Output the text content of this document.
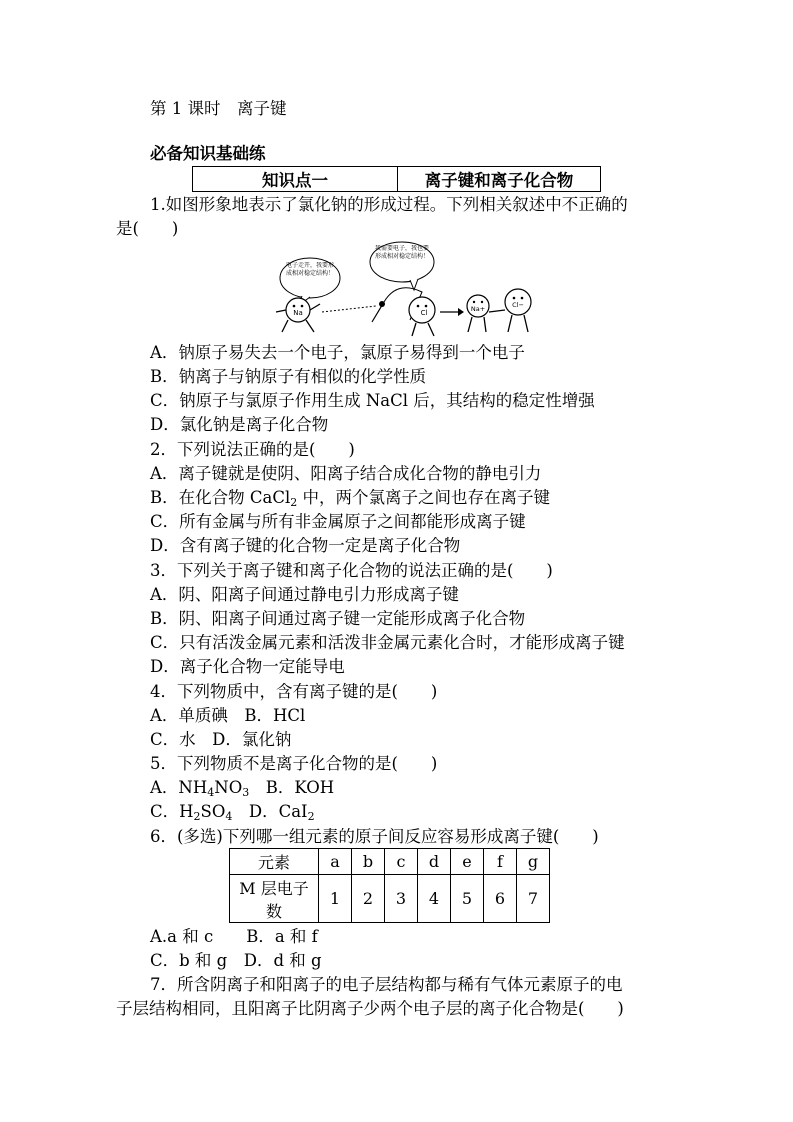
第 1 课时　离子键
必备知识基础练
知识点一	离子键和离子化合物
1.如图形象地表示了氯化钠的形成过程。下列相关叙述中不正确的
是(　　)
电子走开，我要形成相对稳定结构！
我需要电子，我也要形成相对稳定结构！
Na	Cl	Na+	Cl−
A．钠原子易失去一个电子，氯原子易得到一个电子
B．钠离子与钠原子有相似的化学性质
C．钠原子与氯原子作用生成 NaCl 后，其结构的稳定性增强
D．氯化钠是离子化合物
2．下列说法正确的是(　　)
A．离子键就是使阴、阳离子结合成化合物的静电引力
B．在化合物 CaCl$_2$ 中，两个氯离子之间也存在离子键
C．所有金属与所有非金属原子之间都能形成离子键
D．含有离子键的化合物一定是离子化合物
3．下列关于离子键和离子化合物的说法正确的是(　　)
A．阴、阳离子间通过静电引力形成离子键
B．阴、阳离子间通过离子键一定能形成离子化合物
C．只有活泼金属元素和活泼非金属元素化合时，才能形成离子键
D．离子化合物一定能导电
4．下列物质中，含有离子键的是(　　)
A．单质碘　B．HCl
C．水　D．氯化钠
5．下列物质不是离子化合物的是(　　)
A．$NH_4NO_3$　B．KOH
C．$H_2SO_4$　D．CaI$_2$
6．(多选)下列哪一组元素的原子间反应容易形成离子键(　　)
元素	a	b	c	d	e	f	g
M 层电子
数	1	2	3	4	5	6	7
A.a 和 c　　B．a 和 f
C．b 和 g　D．d 和 g
7．所含阴离子和阳离子的电子层结构都与稀有气体元素原子的电
子层结构相同，且阳离子比阴离子少两个电子层的离子化合物是(　　)
